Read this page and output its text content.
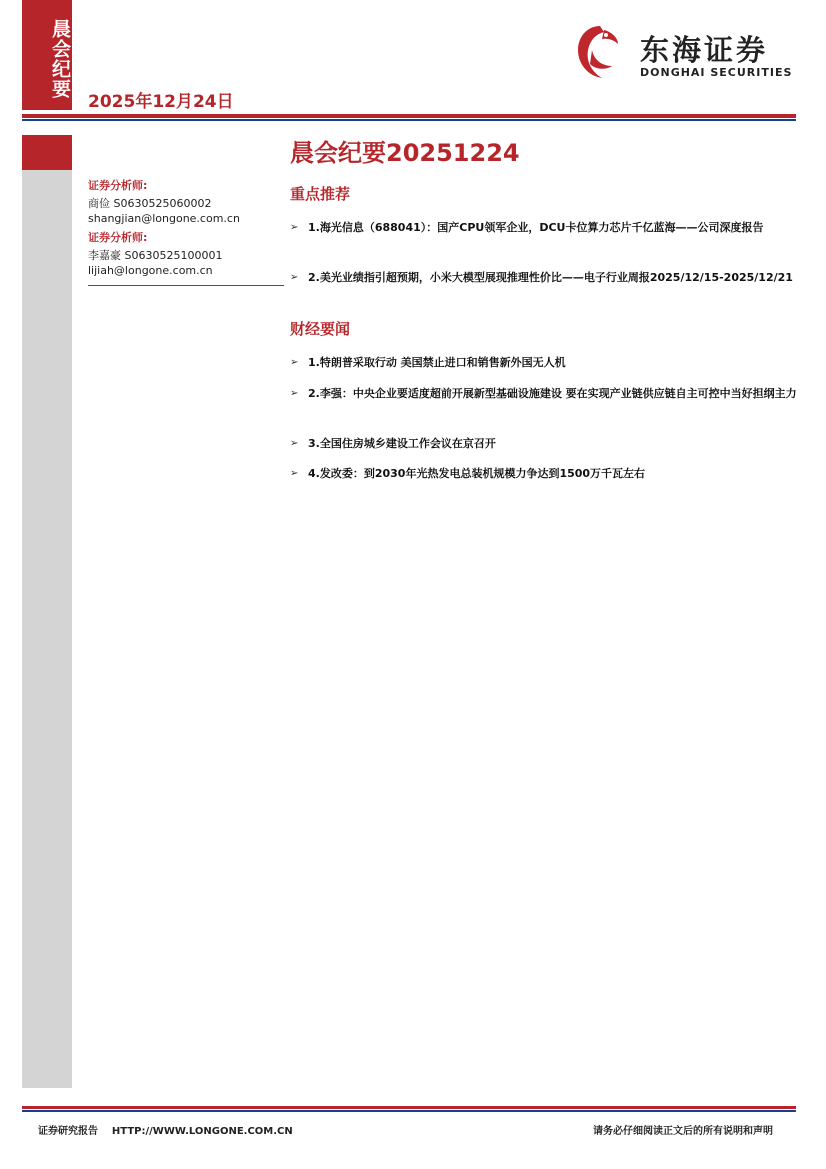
晨会纪要
2025年12月24日
东海证券
DONGHAI SECURITIES
证券分析师:
商俭 S0630525060002
shangjian@longone.com.cn
证券分析师:
李嘉豪 S0630525100001
lijiah@longone.com.cn
晨会纪要20251224
重点推荐
➢ 1.海光信息（688041）：国产CPU领军企业，DCU卡位算力芯片千亿蓝海——公司深度报告
➢ 2.美光业绩指引超预期，小米大模型展现推理性价比——电子行业周报2025/12/15-2025/12/21
财经要闻
➢ 1.特朗普采取行动 美国禁止进口和销售新外国无人机
➢ 2.李强：中央企业要适度超前开展新型基础设施建设 要在实现产业链供应链自主可控中当好担纲主力
➢ 3.全国住房城乡建设工作会议在京召开
➢ 4.发改委：到2030年光热发电总装机规模力争达到1500万千瓦左右
证券研究报告    HTTP://WWW.LONGONE.COM.CN	请务必仔细阅读正文后的所有说明和声明
